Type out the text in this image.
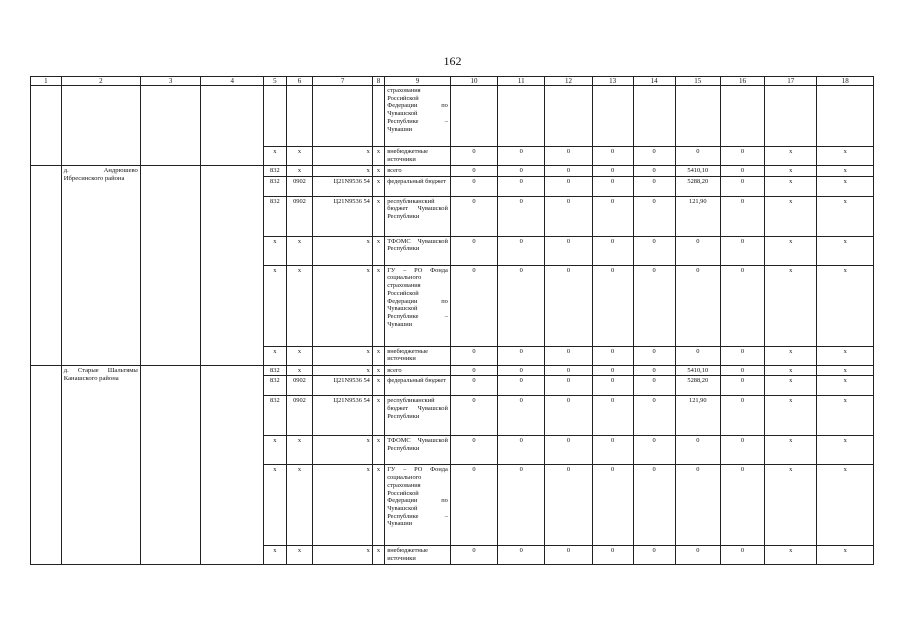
162
1	2	3	4	5	6	7	8	9	10	11	12	13	14	15	16	17	18
								страхования Российской Федерации по Чувашской Республике – Чувашии									
				x	x	x	x	внебюджетные источники	0	0	0	0	0	0	0	x	x
	д. Андрюшево Ибресинского района			832	x	x	x	всего	0	0	0	0	0	5410,10	0	x	x
				832	0902	Ц21N9536 54	x	федеральный бюджет	0	0	0	0	0	5288,20	0	x	x
				832	0902	Ц21N9536 54	x	республиканский бюджет Чувашской Республики	0	0	0	0	0	121,90	0	x	x
				x	x	x	x	ТФОМС Чувашской Республики	0	0	0	0	0	0	0	x	x
				x	x	x	x	ГУ – РО Фонда социального страхования Российской Федерации по Чувашской Республике – Чувашии	0	0	0	0	0	0	0	x	x
				x	x	x	x	внебюджетные источники	0	0	0	0	0	0	0	x	x
	д. Старые Шальтямы Канашского района			832	x	x	x	всего	0	0	0	0	0	5410,10	0	x	x
				832	0902	Ц21N9536 54	x	федеральный бюджет	0	0	0	0	0	5288,20	0	x	x
				832	0902	Ц21N9536 54	x	республиканский бюджет Чувашской Республики	0	0	0	0	0	121,90	0	x	x
				x	x	x	x	ТФОМС Чувашской Республики	0	0	0	0	0	0	0	x	x
				x	x	x	x	ГУ – РО Фонда социального страхования Российской Федерации по Чувашской Республике – Чувашии	0	0	0	0	0	0	0	x	x
				x	x	x	x	внебюджетные источники	0	0	0	0	0	0	0	x	x
